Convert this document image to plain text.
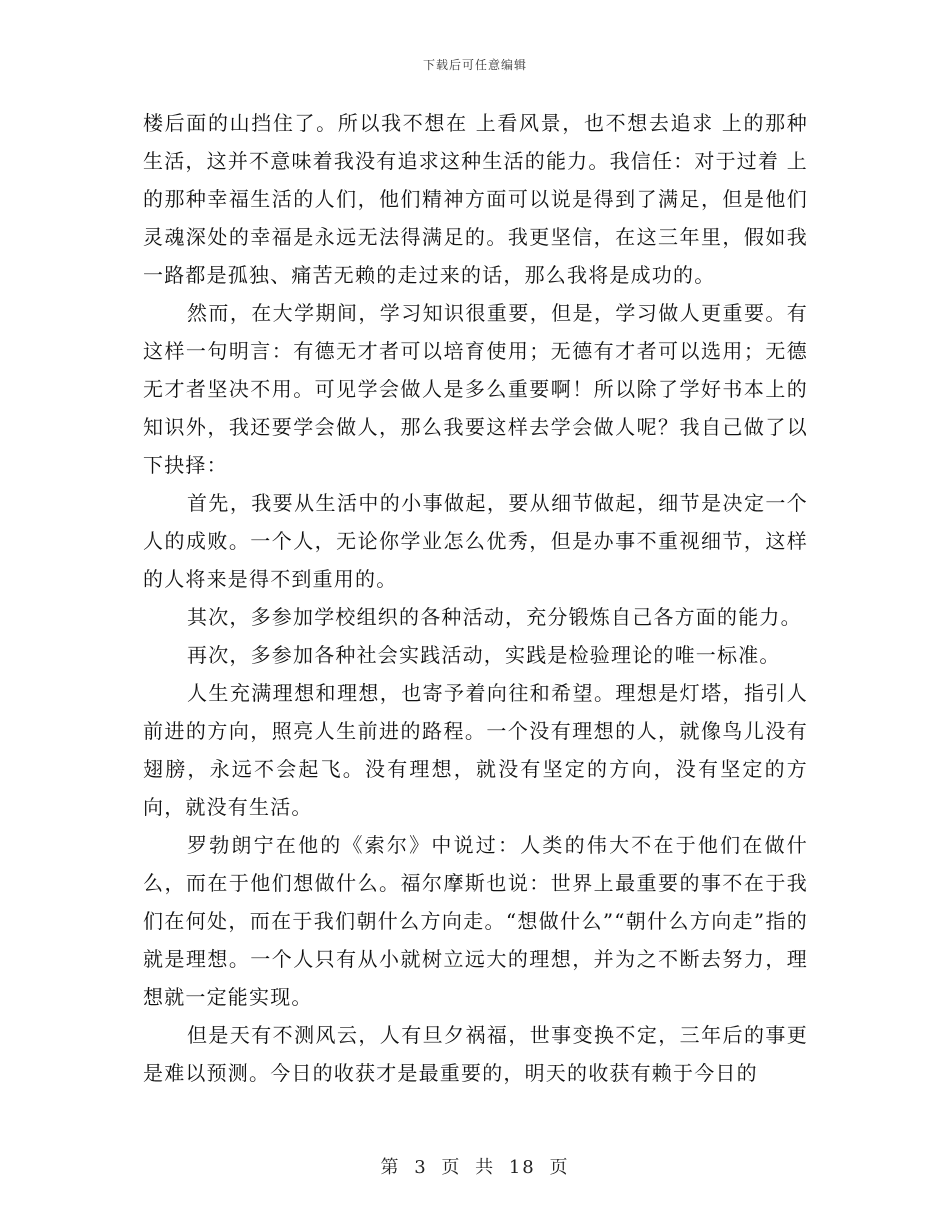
下载后可任意编辑

楼后面的山挡住了。所以我不想在 上看风景，也不想去追求 上的那种生活，这并不意味着我没有追求这种生活的能力。我信任：对于过着 上的那种幸福生活的人们，他们精神方面可以说是得到了满足，但是他们灵魂深处的幸福是永远无法得满足的。我更坚信，在这三年里，假如我一路都是孤独、痛苦无赖的走过来的话，那么我将是成功的。

然而，在大学期间，学习知识很重要，但是，学习做人更重要。有这样一句明言：有德无才者可以培育使用；无德有才者可以选用；无德无才者坚决不用。可见学会做人是多么重要啊！所以除了学好书本上的知识外，我还要学会做人，那么我要这样去学会做人呢？我自己做了以下抉择：

首先，我要从生活中的小事做起，要从细节做起，细节是决定一个人的成败。一个人，无论你学业怎么优秀，但是办事不重视细节，这样的人将来是得不到重用的。

其次，多参加学校组织的各种活动，充分锻炼自己各方面的能力。

再次，多参加各种社会实践活动，实践是检验理论的唯一标准。

人生充满理想和理想，也寄予着向往和希望。理想是灯塔，指引人前进的方向，照亮人生前进的路程。一个没有理想的人，就像鸟儿没有翅膀，永远不会起飞。没有理想，就没有坚定的方向，没有坚定的方向，就没有生活。

罗勃朗宁在他的《索尔》中说过：人类的伟大不在于他们在做什么，而在于他们想做什么。福尔摩斯也说：世界上最重要的事不在于我们在何处，而在于我们朝什么方向走。“想做什么”“朝什么方向走”指的就是理想。一个人只有从小就树立远大的理想，并为之不断去努力，理想就一定能实现。

但是天有不测风云，人有旦夕祸福，世事变换不定，三年后的事更是难以预测。今日的收获才是最重要的，明天的收获有赖于今日的

第 3 页 共 18 页
